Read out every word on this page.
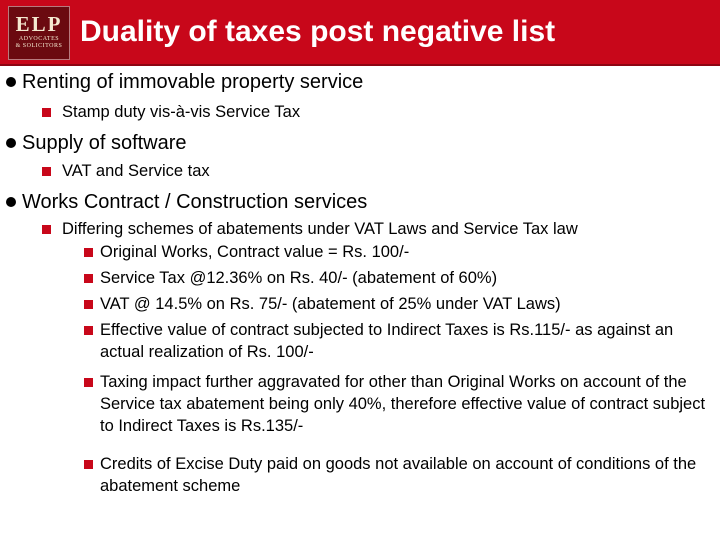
ELP
ADVOCATES
& SOLICITORS Duality of taxes post negative list
Renting of immovable property service
Stamp duty vis-à-vis Service Tax
Supply of software
VAT and Service tax
Works Contract / Construction services
Differing schemes of abatements under VAT Laws and Service Tax law
Original Works, Contract value = Rs. 100/-
Service Tax @12.36% on Rs. 40/- (abatement of 60%)
VAT @ 14.5% on Rs. 75/- (abatement of 25% under VAT Laws)
Effective value of contract subjected to Indirect Taxes is Rs.115/- as against an actual realization of Rs. 100/-
Taxing impact further aggravated for other than Original Works on account of the Service tax abatement being only 40%, therefore effective value of contract subject to Indirect Taxes is Rs.135/-
Credits of Excise Duty paid on goods not available on account of conditions of the abatement scheme
